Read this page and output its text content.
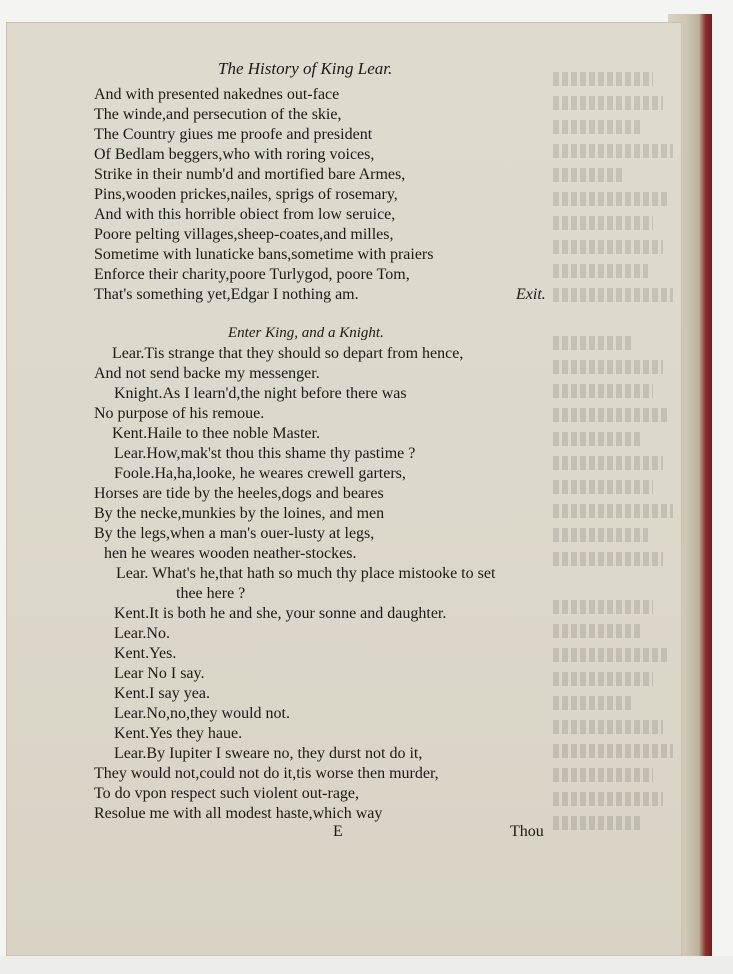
The History of King Lear.
And with presented nakednes out-face
The winde,and persecution of the skie,
The Country giues me proofe and president
Of Bedlam beggers,who with roring voices,
Strike in their numb'd and mortified bare Armes,
Pins,wooden prickes,nailes, sprigs of rosemary,
And with this horrible obiect from low seruice,
Poore pelting villages,sheep-coates,and milles,
Sometime with lunaticke bans,sometime with praiers
Enforce their charity,poore Turlygod, poore Tom,
That's something yet,Edgar I nothing am.	Exit.
Enter King, and a Knight.
Lear.Tis strange that they should so depart from hence,
And not send backe my messenger.
Knight.As I learn'd,the night before there was
No purpose of his remoue.
Kent.Haile to thee noble Master.
Lear.How,mak'st thou this shame thy pastime ?
Foole.Ha,ha,looke, he weares crewell garters,
Horses are tide by the heeles,dogs and beares
By the necke,munkies by the loines, and men
By the legs,when a man's ouer-lusty at legs,
hen he weares wooden neather-stockes.
Lear. What's he,that hath so much thy place mistooke to set
thee here ?
Kent.It is both he and she, your sonne and daughter.
Lear.No.
Kent.Yes.
Lear No I say.
Kent.I say yea.
Lear.No,no,they would not.
Kent.Yes they haue.
Lear.By Iupiter I sweare no, they durst not do it,
They would not,could not do it,tis worse then murder,
To do vpon respect such violent out-rage,
Resolue me with all modest haste,which way
E	Thou
